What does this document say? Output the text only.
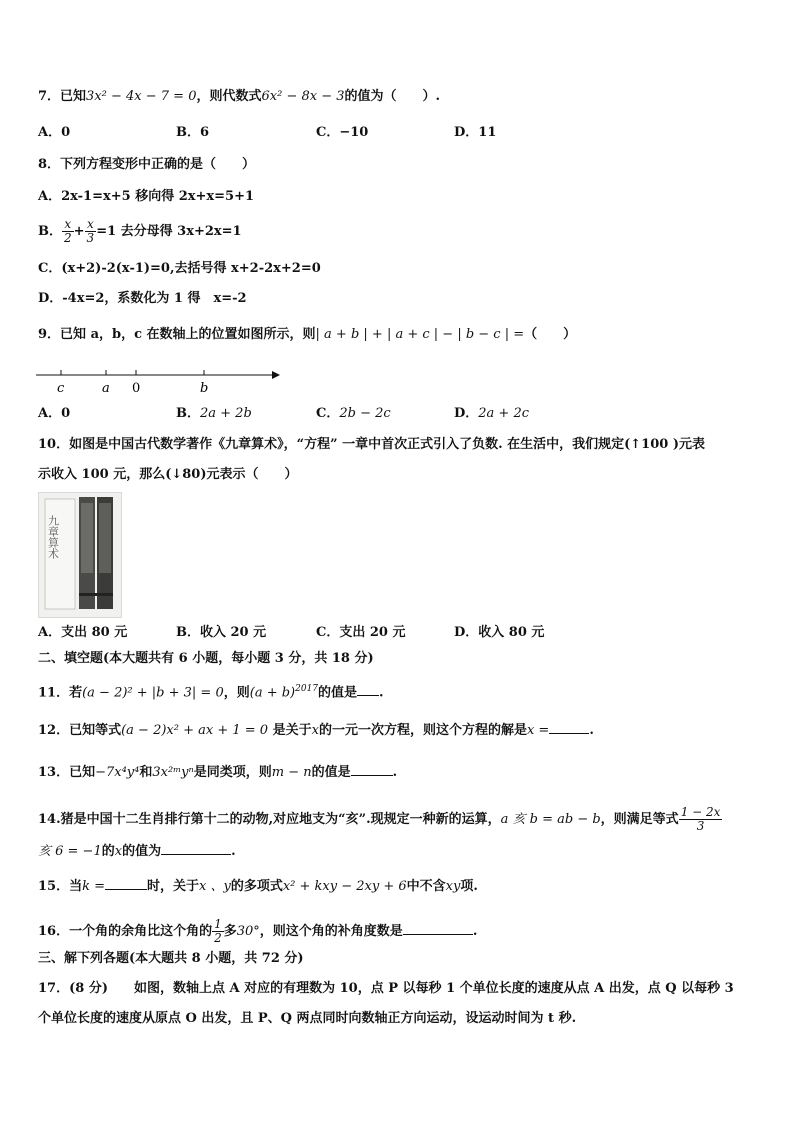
7．已知3x² − 4x − 7 = 0，则代数式6x² − 8x − 3的值为（　　）.
A．0	B．6	C．−10	D．11
8．下列方程变形中正确的是（　　）
A．2x-1=x+5 移向得 2x+x=5+1
B． $\frac{x}{2} + \frac{x}{3} =1$ 去分母得 3x+2x=1
C．(x+2)-2(x-1)=0,去括号得 x+2-2x+2=0
D．-4x=2，系数化为 1 得　x=-2
9．已知 a，b，c 在数轴上的位置如图所示，则| a + b | + | a + c | − | b − c | =（　　）
c	a 0	b
A．0	B．2a + 2b	C．2b − 2c	D．2a + 2c
10．如图是中国古代数学著作《九章算术》，“方程” 一章中首次正式引入了负数. 在生活中，我们规定(↑100 )元表
示收入 100 元，那么(↓80)元表示（　　）
九章算术
A．支出 80 元	B．收入 20 元	C．支出 20 元	D．收入 80 元
二、填空题(本大题共有 6 小题，每小题 3 分，共 18 分)
11．若(a − 2)² + |b + 3| = 0，则$(a + b)^{2017}$的值是 .
12．已知等式(a − 2)x² + ax + 1 = 0 是关于x的一元一次方程，则这个方程的解是x =	.
13．已知−7x⁴y⁴和3x²ᵐyⁿ是同类项，则m − n的值是	.
14.猪是中国十二生肖排行第十二的动物,对应地支为“亥”.现规定一种新的运算，a 亥 b = ab − b，则满足等式 $\frac{1 - 2x}{3}$
亥 6 = −1的x的值为	.
15．当k =	时，关于x 、y的多项式x² + kxy − 2xy + 6中不含xy项.
16．一个角的余角比这个角的 $\frac{1}{2}$ 多30°，则这个角的补角度数是	.
三、解下列各题(本大题共 8 小题，共 72 分)
17．(8 分)　　如图，数轴上点 A 对应的有理数为 10，点 P 以每秒 1 个单位长度的速度从点 A 出发，点 Q 以每秒 3
个单位长度的速度从原点 O 出发，且 P、Q 两点同时向数轴正方向运动，设运动时间为 t 秒.
